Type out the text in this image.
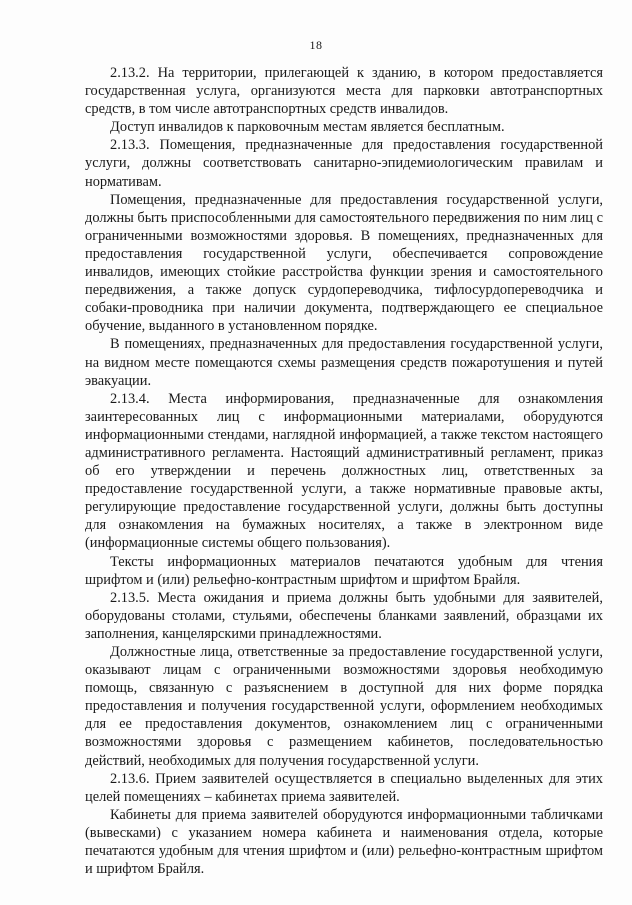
18

2.13.2. На территории, прилегающей к зданию, в котором предоставляется государственная услуга, организуются места для парковки автотранспортных средств, в том числе автотранспортных средств инвалидов.

Доступ инвалидов к парковочным местам является бесплатным.

2.13.3. Помещения, предназначенные для предоставления государственной услуги, должны соответствовать санитарно-эпидемиологическим правилам и нормативам.

Помещения, предназначенные для предоставления государственной услуги, должны быть приспособленными для самостоятельного передвижения по ним лиц с ограниченными возможностями здоровья. В помещениях, предназначенных для предоставления государственной услуги, обеспечивается сопровождение инвалидов, имеющих стойкие расстройства функции зрения и самостоятельного передвижения, а также допуск сурдопереводчика, тифлосурдопереводчика и собаки-проводника при наличии документа, подтверждающего ее специальное обучение, выданного в установленном порядке.

В помещениях, предназначенных для предоставления государственной услуги, на видном месте помещаются схемы размещения средств пожаротушения и путей эвакуации.

2.13.4. Места информирования, предназначенные для ознакомления заинтересованных лиц с информационными материалами, оборудуются информационными стендами, наглядной информацией, а также текстом настоящего административного регламента. Настоящий административный регламент, приказ об его утверждении и перечень должностных лиц, ответственных за предоставление государственной услуги, а также нормативные правовые акты, регулирующие предоставление государственной услуги, должны быть доступны для ознакомления на бумажных носителях, а также в электронном виде (информационные системы общего пользования).

Тексты информационных материалов печатаются удобным для чтения шрифтом и (или) рельефно-контрастным шрифтом и шрифтом Брайля.

2.13.5. Места ожидания и приема должны быть удобными для заявителей, оборудованы столами, стульями, обеспечены бланками заявлений, образцами их заполнения, канцелярскими принадлежностями.

Должностные лица, ответственные за предоставление государственной услуги, оказывают лицам с ограниченными возможностями здоровья необходимую помощь, связанную с разъяснением в доступной для них форме порядка предоставления и получения государственной услуги, оформлением необходимых для ее предоставления документов, ознакомлением лиц с ограниченными возможностями здоровья с размещением кабинетов, последовательностью действий, необходимых для получения государственной услуги.

2.13.6. Прием заявителей осуществляется в специально выделенных для этих целей помещениях – кабинетах приема заявителей.

Кабинеты для приема заявителей оборудуются информационными табличками (вывесками) с указанием номера кабинета и наименования отдела, которые печатаются удобным для чтения шрифтом и (или) рельефно-контрастным шрифтом и шрифтом Брайля.
